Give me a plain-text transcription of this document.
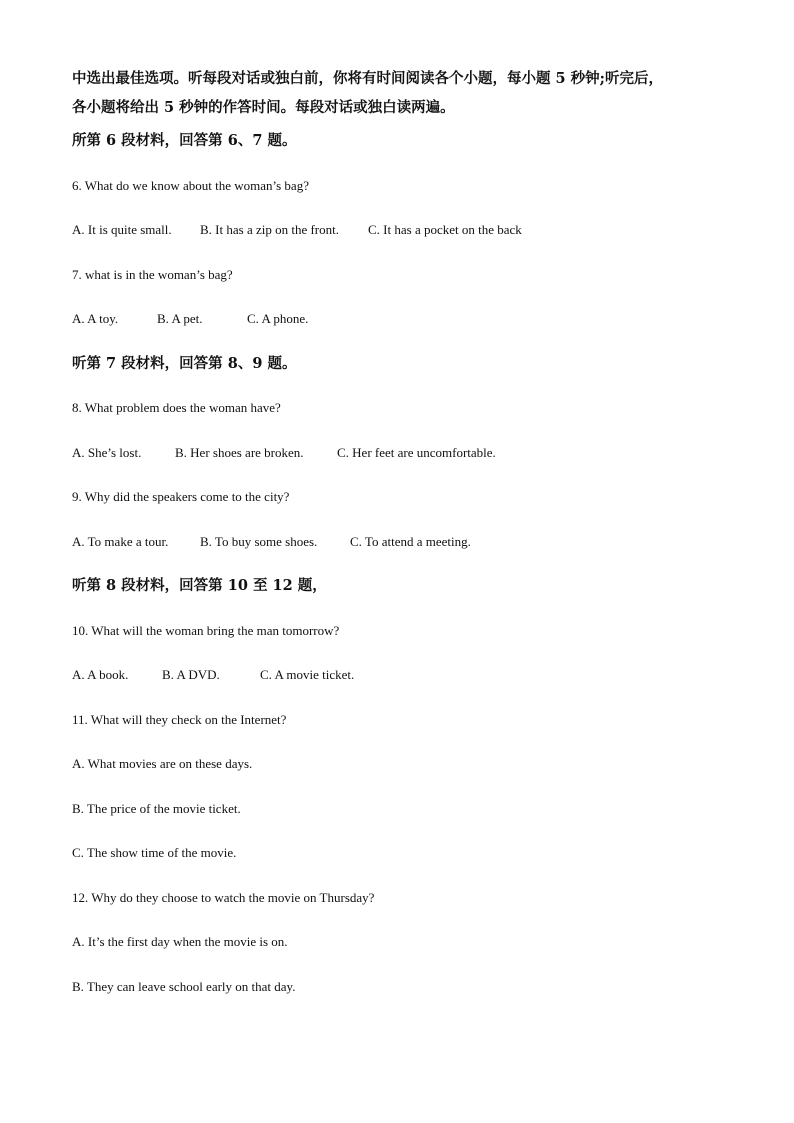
中选出最佳选项。听每段对话或独白前，你将有时间阅读各个小题，每小题 5 秒钟;听完后，
各小题将给出 5 秒钟的作答时间。每段对话或独白读两遍。
所第 6 段材料，回答第 6、7 题。
6. What do we know about the woman’s bag?
A. It is quite small. B. It has a zip on the front. C. It has a pocket on the back
7. what is in the woman’s bag?
A. A toy.	B. A pet.	C. A phone.
听第 7 段材料，回答第 8、9 题。
8. What problem does the woman have?
A. She’s lost.	B. Her shoes are broken.	C. Her feet are uncomfortable.
9. Why did the speakers come to the city?
A. To make a tour. B. To buy some shoes.	C. To attend a meeting.
听第 8 段材料，回答第 10 至 12 题，
10. What will the woman bring the man tomorrow?
A. A book.	B. A DVD.	C. A movie ticket.
11. What will they check on the Internet?
A. What movies are on these days.
B. The price of the movie ticket.
C. The show time of the movie.
12. Why do they choose to watch the movie on Thursday?
A. It’s the first day when the movie is on.
B. They can leave school early on that day.
